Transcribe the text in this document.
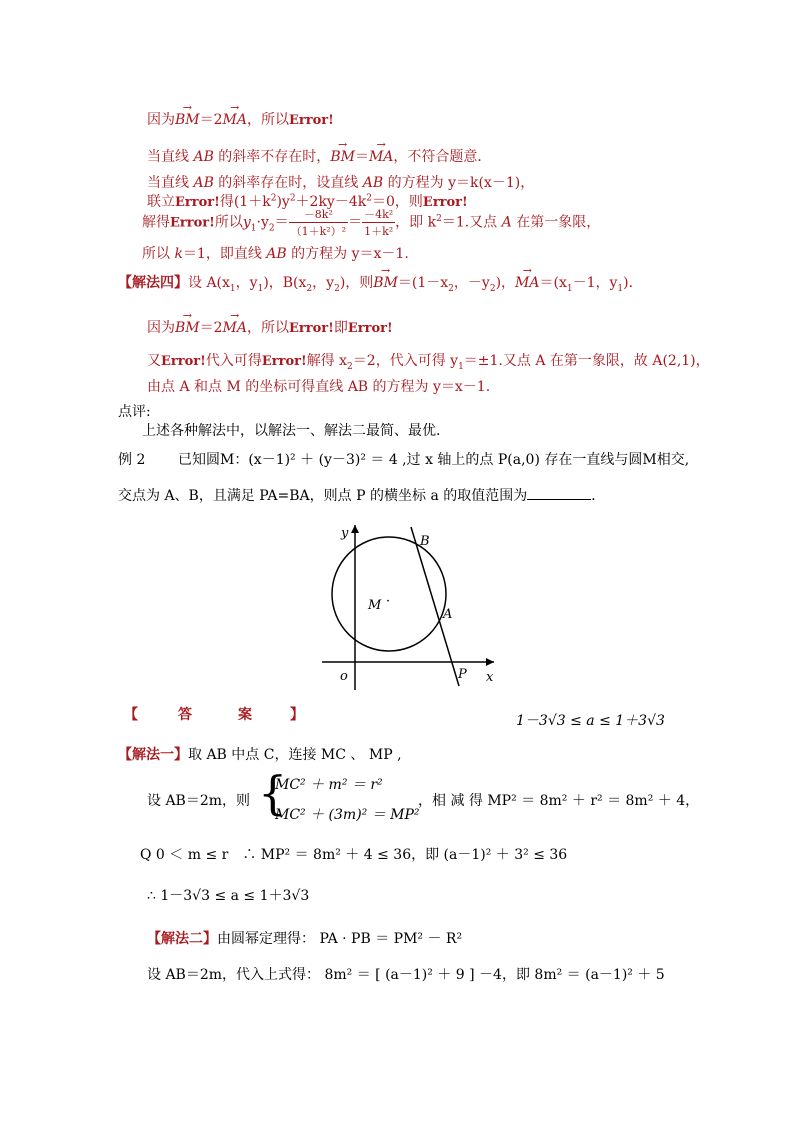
因为→ BM＝2→ MA，所以Error!
当直线 AB 的斜率不存在时，→ BM＝→ MA，不符合题意．
当直线 AB 的斜率存在时，设直线 AB 的方程为 y＝k(x－1)，
联立Error!得$(1+k^2)y^2+2ky-4k^2=0$，则Error!
解得Error!所以$y_1\cdot y_2= \frac{\text{－8k²}}{\text{（1＋k²）²}} = \frac{\text{－4k²}}{\text{1＋k²}}$ ，即 $k^2=1$.又点 A 在第一象限，
所以 k＝1，即直线 AB 的方程为 y＝x－1.
【解法四】设 $A(x_1$，$y_1$)，$B(x_2$，$y_2$)，则→ $BM=(1-x_2$，$-y_2$)，→ $MA=(x_1-1$，$y_1$)．
因为→ BM＝2→ MA，所以Error!即Error!
又Error!代入可得Error!解得 $x_2=2$，代入可得 $y_1=\pm 1$.又点 A 在第一象限，故 A(2,1)，
由点 A 和点 M 的坐标可得直线 AB 的方程为 y＝x－1.
点评:
上述各种解法中，以解法一、解法二最简、最优.
例 2 已知圆M：(x－1)² ＋ (y－3)² ＝ 4 ,过 x 轴上的点 P(a,0) 存在一直线与圆M相交,
交点为 A、B，且满足 PA=BA，则点 P 的横坐标 a 的取值范围为	．
y
x
o
B
M ·
A
P
【	答	案	】	1－3√3 ≤ a ≤ 1＋3√3
【解法一】取 AB 中点 C，连接 MC 、 MP ,
设 AB＝2m，则 {
MC² ＋ m² ＝ r²
MC² ＋ (3m)² ＝ MP²
，相 减 得 MP² ＝ 8m² ＋ r² ＝ 8m² ＋ 4，
Q 0 ＜ m ≤ r　∴ MP² ＝ 8m² ＋ 4 ≤ 36，即 (a－1)² ＋ 3² ≤ 36
∴ 1－3√3 ≤ a ≤ 1＋3√3
【解法二】由圆幂定理得： PA · PB ＝ PM² － R²
设 AB＝2m，代入上式得： 8m² ＝ [ (a－1)² ＋ 9 ] －4，即 8m² ＝ (a－1)² ＋ 5
